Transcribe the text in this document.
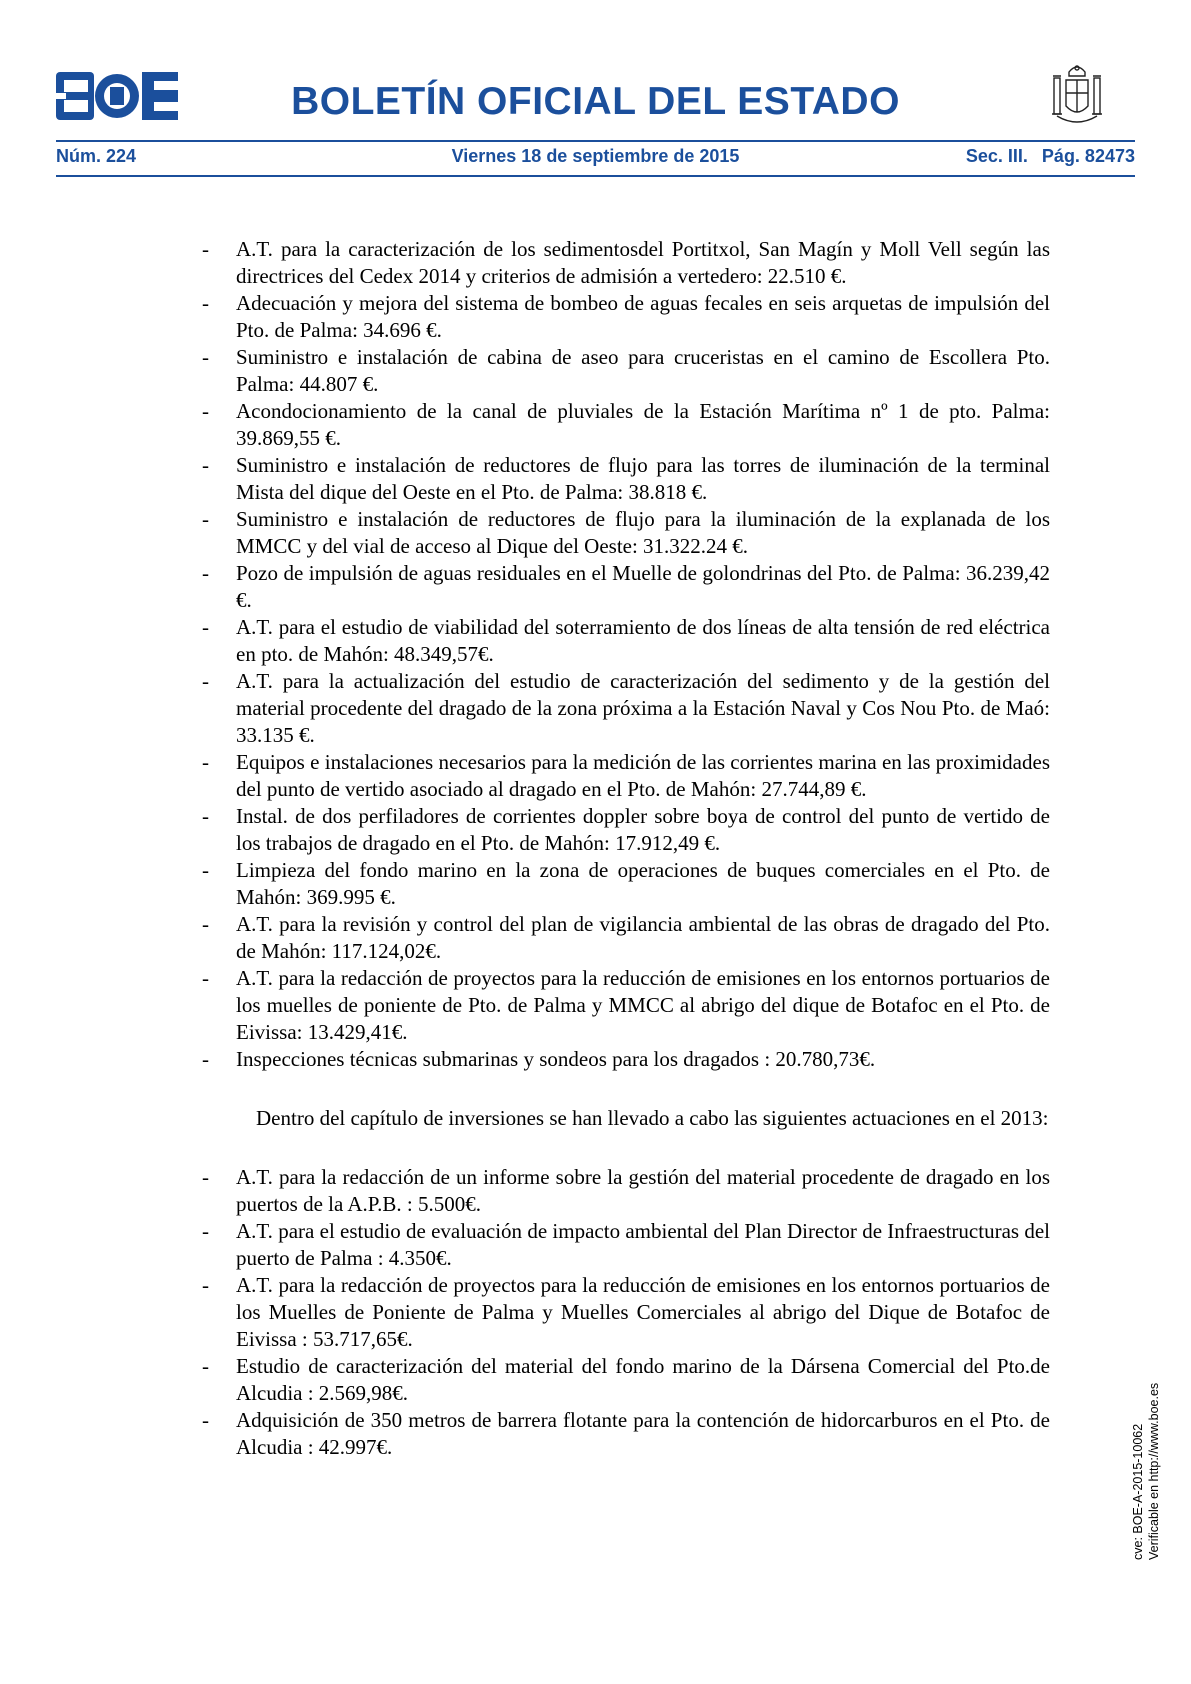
BOLETÍN OFICIAL DEL ESTADO
Núm. 224	Viernes 18 de septiembre de 2015	Sec. III. Pág. 82473
- A.T. para la caracterización de los sedimentosdel Portitxol, San Magín y Moll Vell según las directrices del Cedex 2014 y criterios de admisión a vertedero: 22.510 €.
- Adecuación y mejora del sistema de bombeo de aguas fecales en seis arquetas de impulsión del Pto. de Palma: 34.696 €.
- Suministro e instalación de cabina de aseo para cruceristas en el camino de Escollera Pto. Palma: 44.807 €.
- Acondocionamiento de la canal de pluviales de la Estación Marítima nº 1 de pto. Palma: 39.869,55 €.
- Suministro e instalación de reductores de flujo para las torres de iluminación de la terminal Mista del dique del Oeste en el Pto. de Palma: 38.818 €.
- Suministro e instalación de reductores de flujo para la iluminación de la explanada de los MMCC y del vial de acceso al Dique del Oeste: 31.322.24 €.
- Pozo de impulsión de aguas residuales en el Muelle de golondrinas del Pto. de Palma: 36.239,42 €.
- A.T. para el estudio de viabilidad del soterramiento de dos líneas de alta tensión de red eléctrica en pto. de Mahón: 48.349,57€.
- A.T. para la actualización del estudio de caracterización del sedimento y de la gestión del material procedente del dragado de la zona próxima a la Estación Naval y Cos Nou Pto. de Maó: 33.135 €.
- Equipos e instalaciones necesarios para la medición de las corrientes marina en las proximidades del punto de vertido asociado al dragado en el Pto. de Mahón: 27.744,89 €.
- Instal. de dos perfiladores de corrientes doppler sobre boya de control del punto de vertido de los trabajos de dragado en el Pto. de Mahón: 17.912,49 €.
- Limpieza del fondo marino en la zona de operaciones de buques comerciales en el Pto. de Mahón: 369.995 €.
- A.T. para la revisión y control del plan de vigilancia ambiental de las obras de dragado del Pto. de Mahón: 117.124,02€.
- A.T. para la redacción de proyectos para la reducción de emisiones en los entornos portuarios de los muelles de poniente de Pto. de Palma y MMCC al abrigo del dique de Botafoc en el Pto. de Eivissa: 13.429,41€.
- Inspecciones técnicas submarinas y sondeos para los dragados : 20.780,73€.

Dentro del capítulo de inversiones se han llevado a cabo las siguientes actuaciones en el 2013:

- A.T. para la redacción de un informe sobre la gestión del material procedente de dragado en los puertos de la A.P.B. : 5.500€.
- A.T. para el estudio de evaluación de impacto ambiental del Plan Director de Infraestructuras del puerto de Palma : 4.350€.
- A.T. para la redacción de proyectos para la reducción de emisiones en los entornos portuarios de los Muelles de Poniente de Palma y Muelles Comerciales al abrigo del Dique de Botafoc de Eivissa : 53.717,65€.
- Estudio de caracterización del material del fondo marino de la Dársena Comercial del Pto.de Alcudia : 2.569,98€.
- Adquisición de 350 metros de barrera flotante para la contención de hidorcarburos en el Pto. de Alcudia : 42.997€.	cve: BOE-A-2015-10062 Verificable en http://www.boe.es
